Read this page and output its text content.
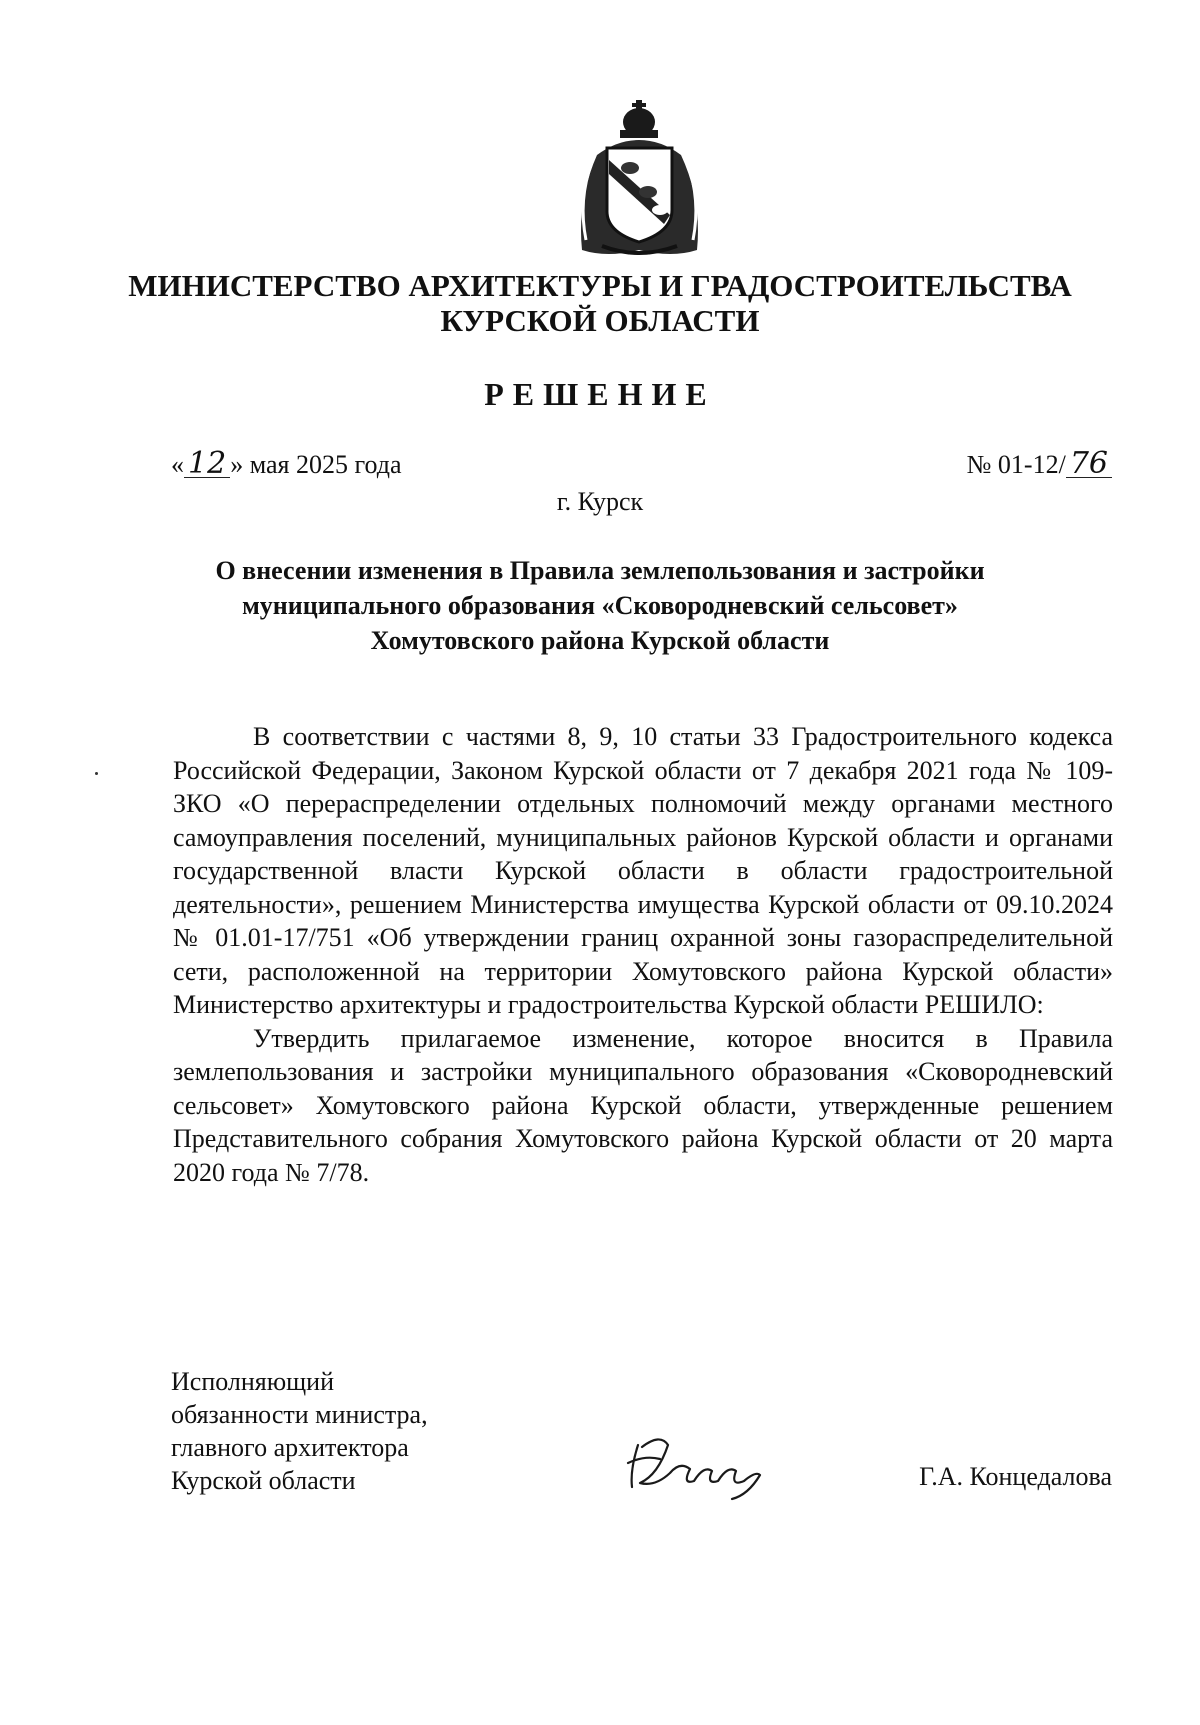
МИНИСТЕРСТВО АРХИТЕКТУРЫ И ГРАДОСТРОИТЕЛЬСТВА
КУРСКОЙ ОБЛАСТИ
РЕШЕНИЕ
« 12 » мая 2025 года	№ 01-12/ 76
г. Курск
О внесении изменения в Правила землепользования и застройки
муниципального образования «Сковородневский сельсовет»
Хомутовского района Курской области

В соответствии с частями 8, 9, 10 статьи 33 Градостроительного кодекса Российской Федерации, Законом Курской области от 7 декабря 2021 года № 109-ЗКО «О перераспределении отдельных полномочий между органами местного самоуправления поселений, муниципальных районов Курской области и органами государственной власти Курской области в области градостроительной деятельности», решением Министерства имущества Курской области от 09.10.2024 № 01.01-17/751 «Об утверждении границ охранной зоны газораспределительной сети, расположенной на территории Хомутовского района Курской области» Министерство архитектуры и градостроительства Курской области РЕШИЛО:

Утвердить прилагаемое изменение, которое вносится в Правила землепользования и застройки муниципального образования «Сковородневский сельсовет» Хомутовского района Курской области, утвержденные решением Представительного собрания Хомутовского района Курской области от 20 марта 2020 года № 7/78.

Исполняющий
обязанности министра,
главного архитектора
Курской области	Г.А. Концедалова
